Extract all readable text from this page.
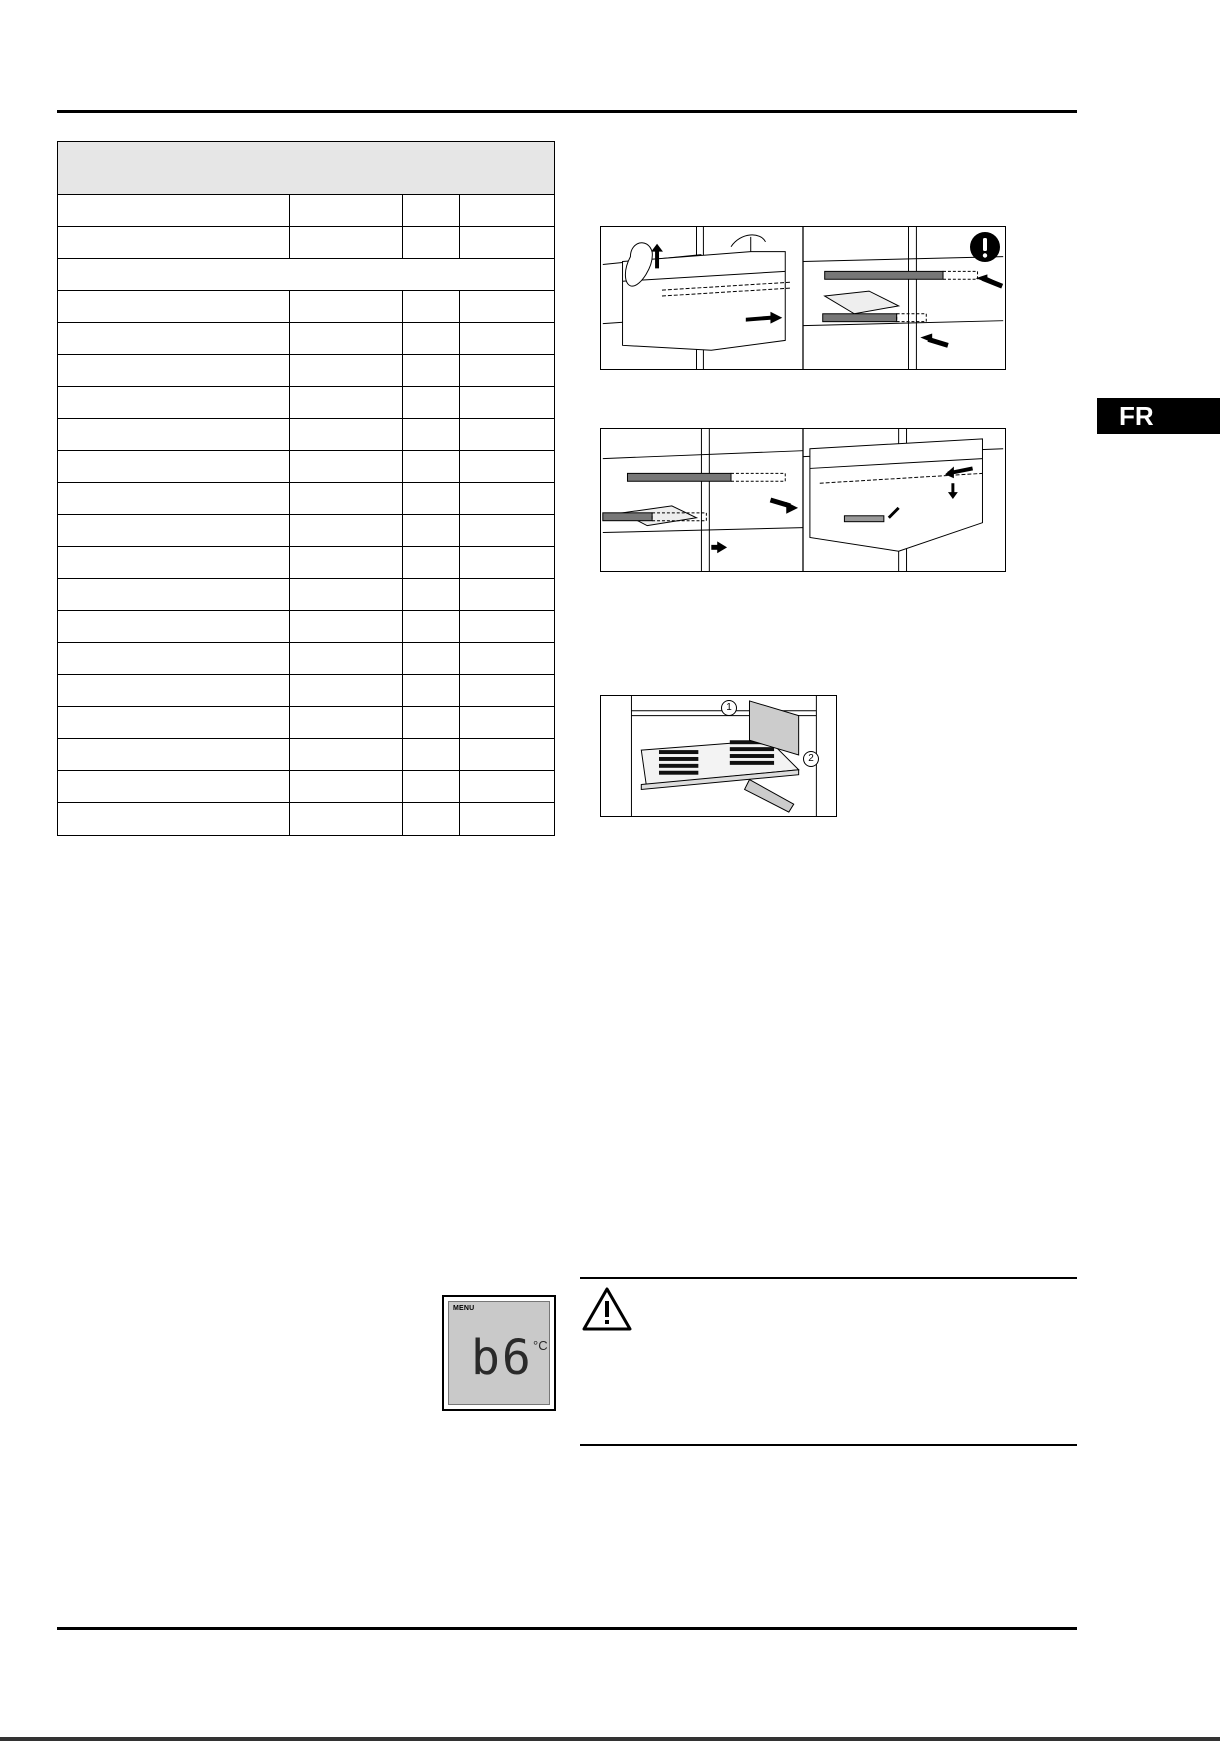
FR
1
2
MENU
b6 °C
